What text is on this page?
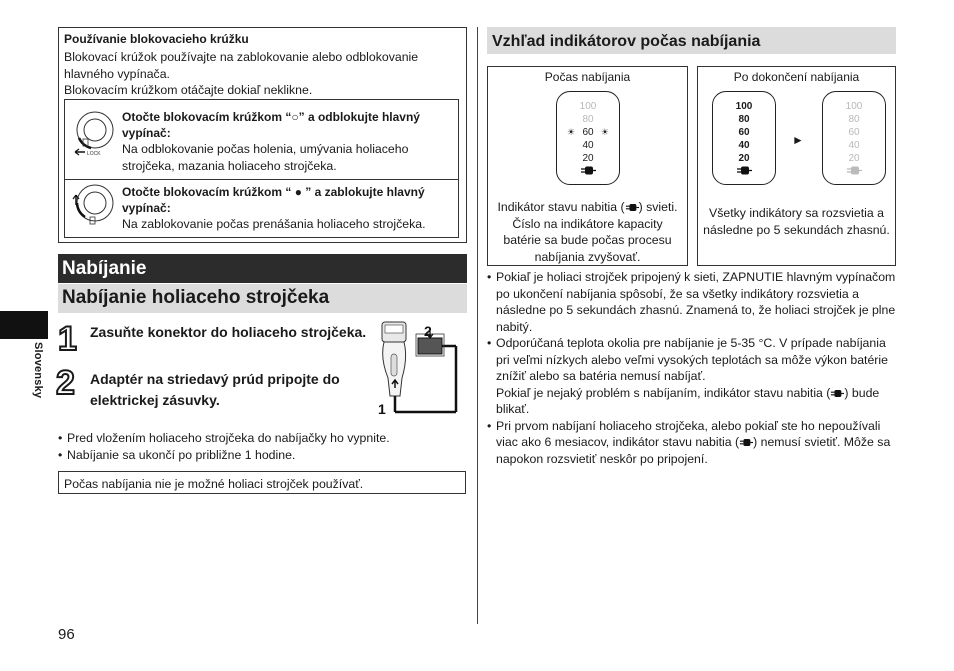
Slovensky
Používanie blokovacieho krúžku
Blokovací krúžok používajte na zablokovanie alebo odblokovanie
hlavného vypínača.
Blokovacím krúžkom otáčajte dokiaľ neklikne.
LOCK
Otočte blokovacím krúžkom “○” a odblokujte hlavný vypínač:
Na odblokovanie počas holenia, umývania holiaceho strojčeka, mazania holiaceho strojčeka.
Otočte blokovacím krúžkom “ ● ” a zablokujte hlavný vypínač:
Na zablokovanie počas prenášania holiaceho strojčeka.
Nabíjanie
Nabíjanie holiaceho strojčeka
1 Zasuňte konektor do holiaceho strojčeka.
2 Adaptér na striedavý prúd pripojte do elektrickej zásuvky.
2
1
• Pred vložením holiaceho strojčeka do nabíjačky ho vypnite.
• Nabíjanie sa ukončí po približne 1 hodine.
Počas nabíjania nie je možné holiaci strojček používať.
96
Vzhľad indikátorov počas nabíjania
Počas nabíjania
100
80
☀ 60 ☀
40
20
Indikátor stavu nabitia ( ) svieti. Číslo na indikátore kapacity batérie sa bude počas procesu nabíjania zvyšovať.
Po dokončení nabíjania
100
80
60
40
20
100
80
60
40
20
Všetky indikátory sa rozsvietia a následne po 5 sekundách zhasnú.
►
• Pokiaľ je holiaci strojček pripojený k sieti, ZAPNUTIE hlavným vypínačom po ukončení nabíjania spôsobí, že sa všetky indikátory rozsvietia a následne po 5 sekundách zhasnú. Znamená to, že holiaci strojček je plne nabitý.
• Odporúčaná teplota okolia pre nabíjanie je 5-35 °C. V prípade nabíjania pri veľmi nízkych alebo veľmi vysokých teplotách sa môže výkon batérie znížiť alebo sa batéria nemusí nabíjať.
Pokiaľ je nejaký problém s nabíjaním, indikátor stavu nabitia ( ) bude blikať.
• Pri prvom nabíjaní holiaceho strojčeka, alebo pokiaľ ste ho nepoužívali viac ako 6 mesiacov, indikátor stavu nabitia ( ) nemusí svietiť. Môže sa napokon rozsvietiť neskôr po pripojení.
